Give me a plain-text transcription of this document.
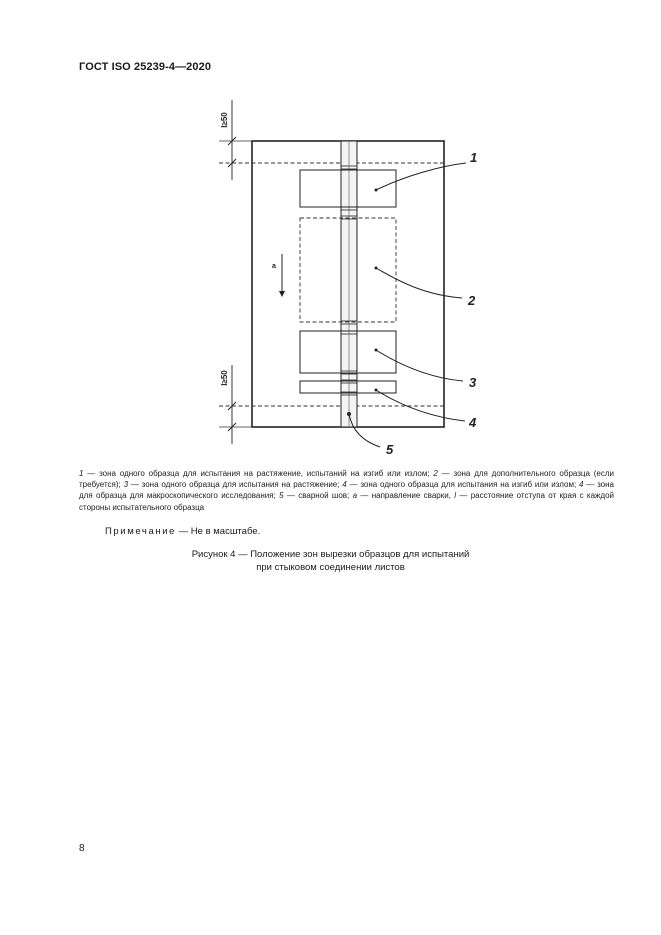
ГОСТ ISO 25239-4—2020
l≥50
l≥50
a
1
2
3
4
5
1 — зона одного образца для испытания на растяжение, испытаний на изгиб или излом; 2 — зона для дополнительного образца (если требуется); 3 — зона одного образца для испытания на растяжение; 4 — зона одного образца для испытания на изгиб или излом; 4 — зона для образца для макроскопического исследования; 5 — сварной шов; a — направление сварки, l — расстояние отступа от края с каждой стороны испытательного образца
Примечание — Не в масштабе.
Рисунок 4 — Положение зон вырезки образцов для испытаний
при стыковом соединении листов
8
